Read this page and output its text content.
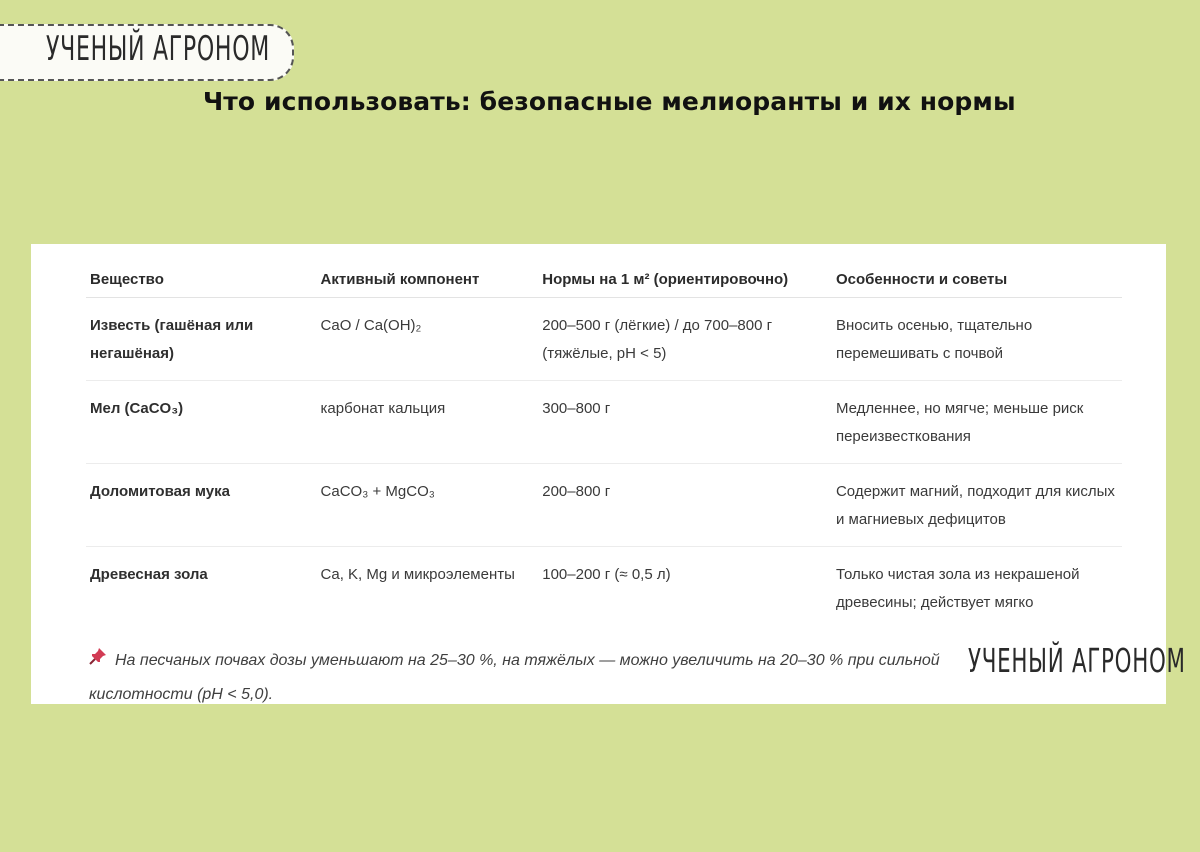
УЧЕНЫЙ АГРОНОМ
Что использовать: безопасные мелиоранты и их нормы
Вещество	Активный компонент	Нормы на 1 м² (ориентировочно)	Особенности и советы
Известь (гашёная или негашёная)	CaO / Ca(OH)₂	200–500 г (лёгкие) / до 700–800 г (тяжёлые, pH < 5)	Вносить осенью, тщательно перемешивать с почвой
Мел (CaCO₃)	карбонат кальция	300–800 г	Медленнее, но мягче; меньше риск переизвесткования
Доломитовая мука	CaCO₃ + MgCO₃	200–800 г	Содержит магний, подходит для кислых и магниевых дефицитов
Древесная зола	Ca, K, Mg и микроэлементы	100–200 г (≈ 0,5 л)	Только чистая зола из некрашеной древесины; действует мягко
На песчаных почвах дозы уменьшают на 25–30 %, на тяжёлых — можно увеличить на 20–30 % при сильной кислотности (pH < 5,0).
УЧЕНЫЙ АГРОНОМ
